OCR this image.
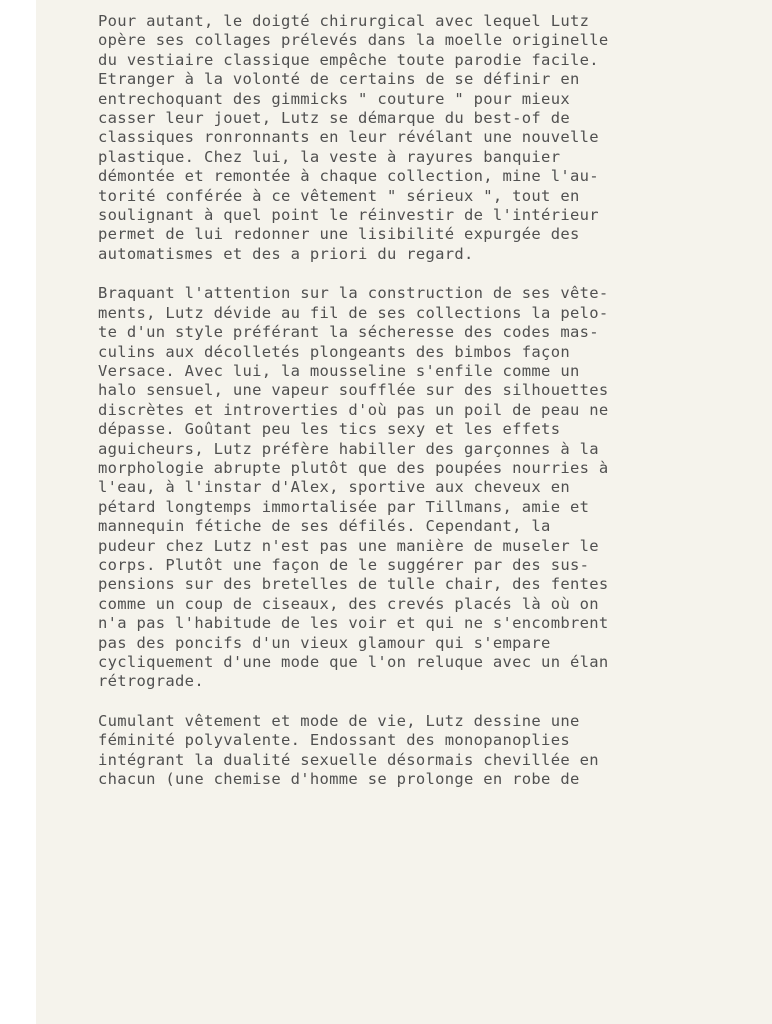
Pour autant, le doigté chirurgical avec lequel Lutz
opère ses collages prélevés dans la moelle originelle
du vestiaire classique empêche toute parodie facile.
Etranger à la volonté de certains de se définir en
entrechoquant des gimmicks " couture " pour mieux
casser leur jouet, Lutz se démarque du best-of de
classiques ronronnants en leur révélant une nouvelle
plastique. Chez lui, la veste à rayures banquier
démontée et remontée à chaque collection, mine l'au-
torité conférée à ce vêtement " sérieux ", tout en
soulignant à quel point le réinvestir de l'intérieur
permet de lui redonner une lisibilité expurgée des
automatismes et des a priori du regard.
Braquant l'attention sur la construction de ses vête-
ments, Lutz dévide au fil de ses collections la pelo-
te d'un style préférant la sécheresse des codes mas-
culins aux décolletés plongeants des bimbos façon
Versace. Avec lui, la mousseline s'enfile comme un
halo sensuel, une vapeur soufflée sur des silhouettes
discrètes et introverties d'où pas un poil de peau ne
dépasse. Goûtant peu les tics sexy et les effets
aguicheurs, Lutz préfère habiller des garçonnes à la
morphologie abrupte plutôt que des poupées nourries à
l'eau, à l'instar d'Alex, sportive aux cheveux en
pétard longtemps immortalisée par Tillmans, amie et
mannequin fétiche de ses défilés. Cependant, la
pudeur chez Lutz n'est pas une manière de museler le
corps. Plutôt une façon de le suggérer par des sus-
pensions sur des bretelles de tulle chair, des fentes
comme un coup de ciseaux, des crevés placés là où on
n'a pas l'habitude de les voir et qui ne s'encombrent
pas des poncifs d'un vieux glamour qui s'empare
cycliquement d'une mode que l'on reluque avec un élan
rétrograde.
Cumulant vêtement et mode de vie, Lutz dessine une
féminité polyvalente. Endossant des monopanoplies
intégrant la dualité sexuelle désormais chevillée en
chacun (une chemise d'homme se prolonge en robe de
